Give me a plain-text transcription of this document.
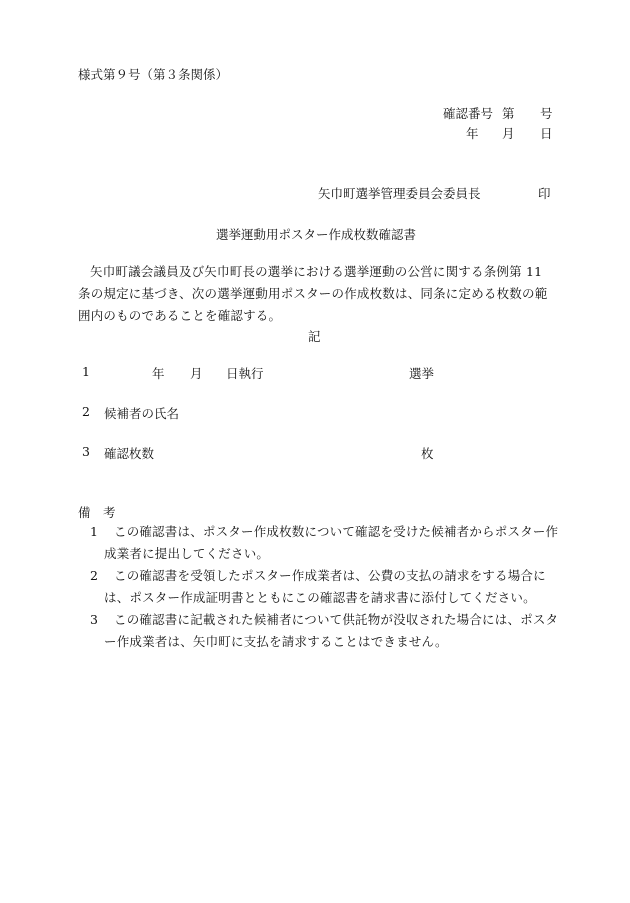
様式第９号（第３条関係）
確認番号 第 号
年 月 日
矢巾町選挙管理委員会委員長	印
選挙運動用ポスター作成枚数確認書
矢巾町議会議員及び矢巾町長の選挙における選挙運動の公営に関する条例第 11 条の規定に基づき、次の選挙運動用ポスターの作成枚数は、同条に定める枚数の範囲内のものであることを確認する。
記
1	年 月 日執行	選挙
2 候補者の氏名
3 確認枚数	枚
備　考
1 この確認書は、ポスター作成枚数について確認を受けた候補者からポスター作成業者に提出してください。
2 この確認書を受領したポスター作成業者は、公費の支払の請求をする場合には、ポスター作成証明書とともにこの確認書を請求書に添付してください。
3 この確認書に記載された候補者について供託物が没収された場合には、ポスター作成業者は、矢巾町に支払を請求することはできません。
